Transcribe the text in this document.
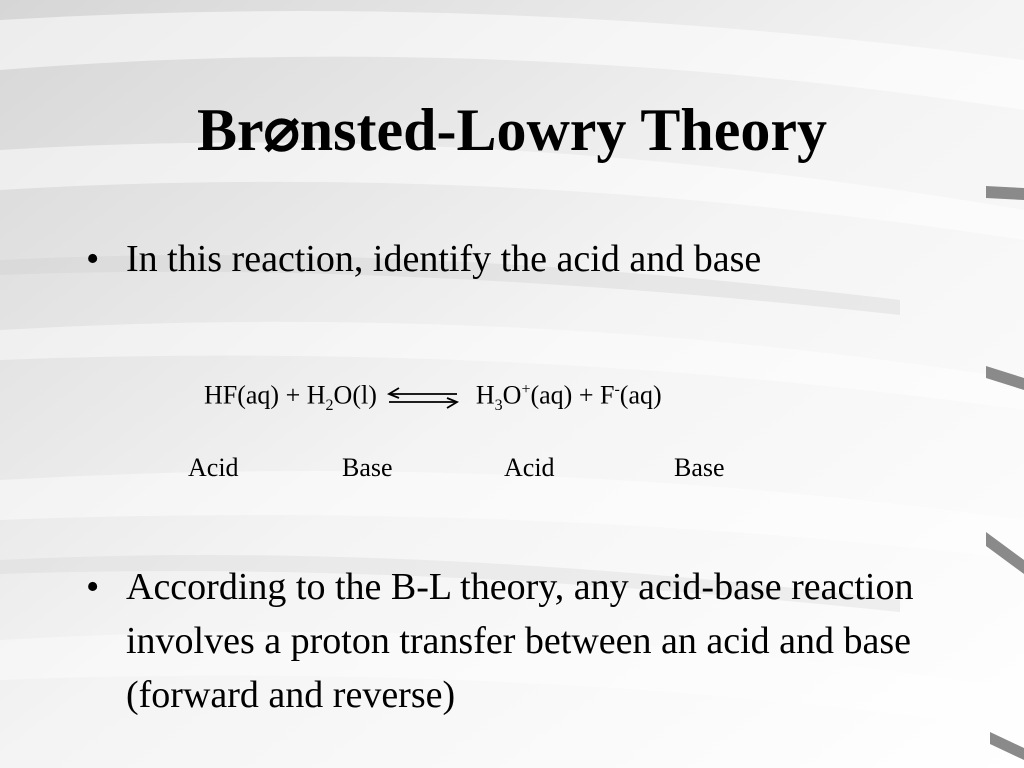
Br⌀nsted-Lowry Theory
• In this reaction, identify the acid and base
$HF(aq) + H_2O(l)$ ⇌ $H_3O^+(aq) + F^-(aq)$
Acid	Base	Acid	Base
• According to the B-L theory, any acid-base reaction involves a proton transfer between an acid and base (forward and reverse)
